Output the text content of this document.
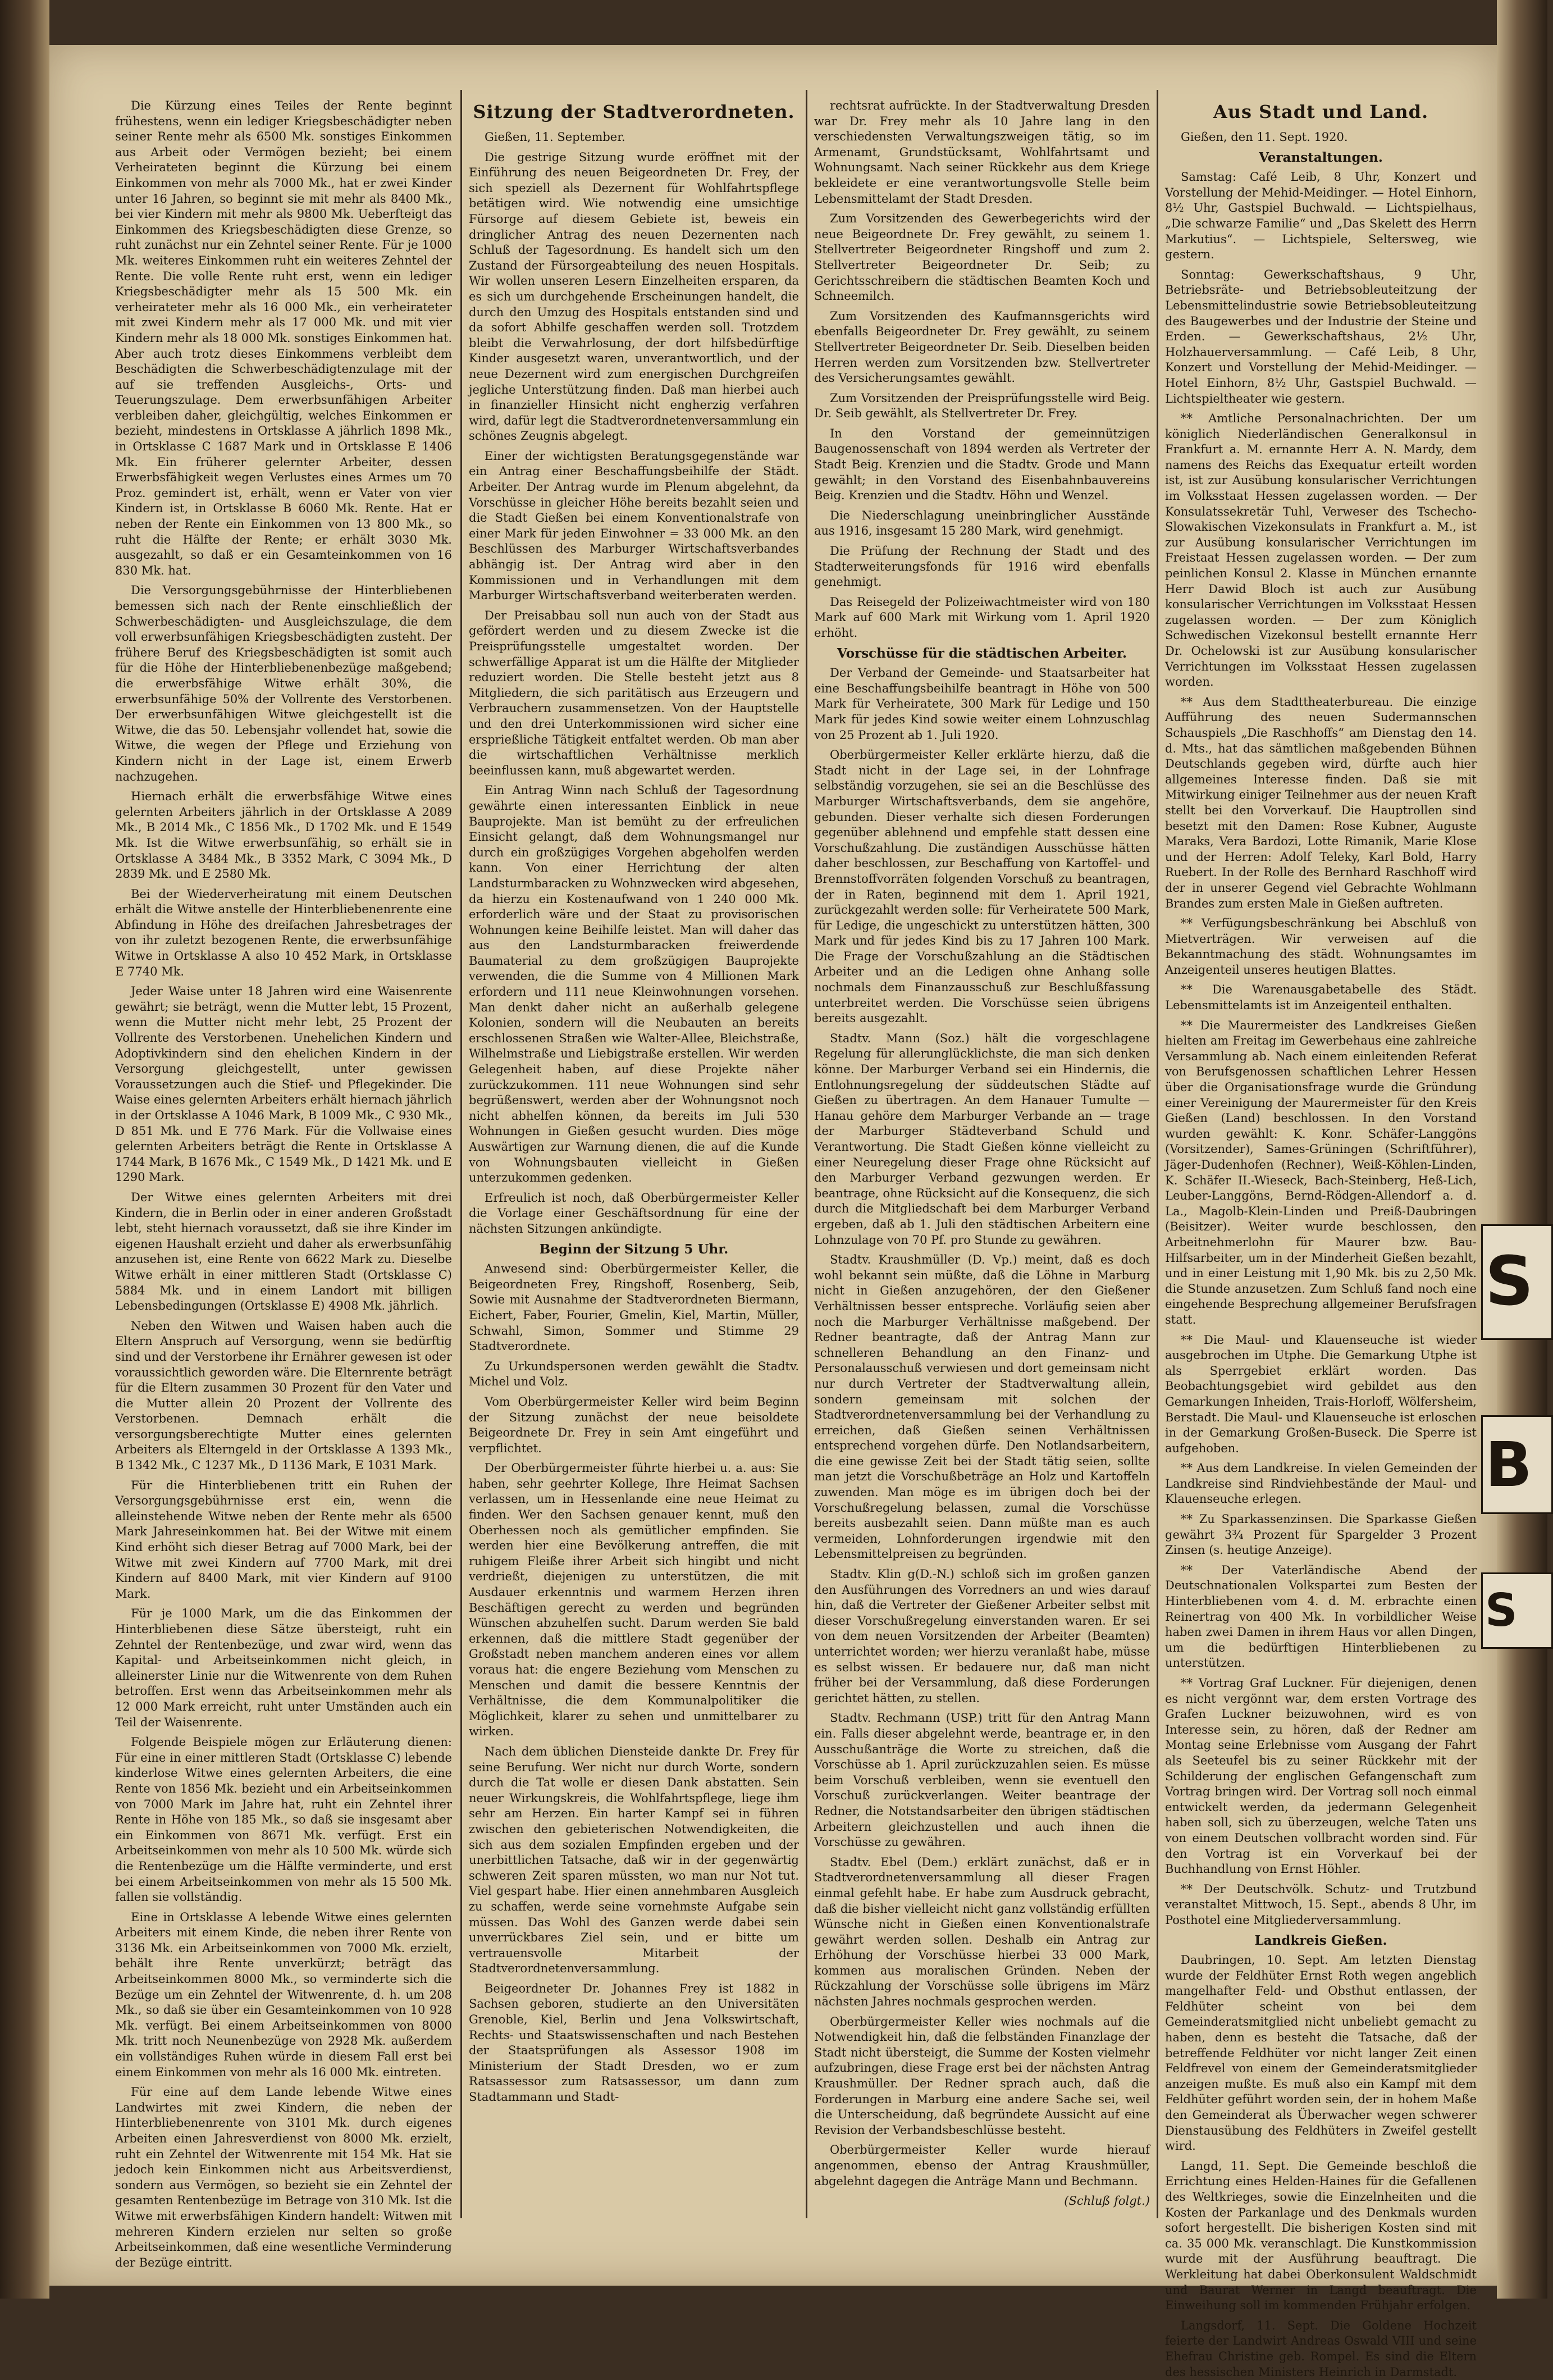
Die Kürzung eines Teiles der Rente beginnt frühestens, wenn ein lediger Kriegsbeschädigter neben seiner Rente mehr als 6500 Mk. sonstiges Einkommen aus Arbeit oder Vermögen bezieht; bei einem Verheirateten beginnt die Kürzung bei einem Einkommen von mehr als 7000 Mk., hat er zwei Kinder unter 16 Jahren, so beginnt sie mit mehr als 8400 Mk., bei vier Kindern mit mehr als 9800 Mk. Ueberfteigt das Einkommen des Kriegsbeschädigten diese Grenze, so ruht zunächst nur ein Zehntel seiner Rente. Für je 1000 Mk. weiteres Einkommen ruht ein weiteres Zehntel der Rente. Die volle Rente ruht erst, wenn ein lediger Kriegsbeschädigter mehr als 15 500 Mk. ein verheirateter mehr als 16 000 Mk., ein verheirateter mit zwei Kindern mehr als 17 000 Mk. und mit vier Kindern mehr als 18 000 Mk. sonstiges Einkommen hat. Aber auch trotz dieses Einkommens verbleibt dem Beschädigten die Schwerbeschädigtenzulage mit der auf sie treffenden Ausgleichs-, Orts- und Teuerungszulage. Dem erwerbsunfähigen Arbeiter verbleiben daher, gleichgültig, welches Einkommen er bezieht, mindestens in Ortsklasse A jährlich 1898 Mk., in Ortsklasse C 1687 Mark und in Ortsklasse E 1406 Mk. Ein früherer gelernter Arbeiter, dessen Erwerbsfähigkeit wegen Verlustes eines Armes um 70 Proz. gemindert ist, erhält, wenn er Vater von vier Kindern ist, in Ortsklasse B 6060 Mk. Rente. Hat er neben der Rente ein Einkommen von 13 800 Mk., so ruht die Hälfte der Rente; er erhält 3030 Mk. ausgezahlt, so daß er ein Gesamteinkommen von 16 830 Mk. hat.

Die Versorgungsgebührnisse der Hinterbliebenen bemessen sich nach der Rente einschließlich der Schwerbeschädigten- und Ausgleichszulage, die dem voll erwerbsunfähigen Kriegsbeschädigten zusteht. Der frühere Beruf des Kriegsbeschädigten ist somit auch für die Höhe der Hinterbliebenenbezüge maßgebend; die erwerbsfähige Witwe erhält 30%, die erwerbsunfähige 50% der Vollrente des Verstorbenen. Der erwerbsunfähigen Witwe gleichgestellt ist die Witwe, die das 50. Lebensjahr vollendet hat, sowie die Witwe, die wegen der Pflege und Erziehung von Kindern nicht in der Lage ist, einem Erwerb nachzugehen.

Hiernach erhält die erwerbsfähige Witwe eines gelernten Arbeiters jährlich in der Ortsklasse A 2089 Mk., B 2014 Mk., C 1856 Mk., D 1702 Mk. und E 1549 Mk. Ist die Witwe erwerbsunfähig, so erhält sie in Ortsklasse A 3484 Mk., B 3352 Mark, C 3094 Mk., D 2839 Mk. und E 2580 Mk.

Bei der Wiederverheiratung mit einem Deutschen erhält die Witwe anstelle der Hinterbliebenenrente eine Abfindung in Höhe des dreifachen Jahresbetrages der von ihr zuletzt bezogenen Rente, die erwerbsunfähige Witwe in Ortsklasse A also 10 452 Mark, in Ortsklasse E 7740 Mk.

Jeder Waise unter 18 Jahren wird eine Waisenrente gewährt; sie beträgt, wenn die Mutter lebt, 15 Prozent, wenn die Mutter nicht mehr lebt, 25 Prozent der Vollrente des Verstorbenen. Unehelichen Kindern und Adoptivkindern sind den ehelichen Kindern in der Versorgung gleichgestellt, unter gewissen Voraussetzungen auch die Stief- und Pflegekinder. Die Waise eines gelernten Arbeiters erhält hiernach jährlich in der Ortsklasse A 1046 Mark, B 1009 Mk., C 930 Mk., D 851 Mk. und E 776 Mark. Für die Vollwaise eines gelernten Arbeiters beträgt die Rente in Ortsklasse A 1744 Mark, B 1676 Mk., C 1549 Mk., D 1421 Mk. und E 1290 Mark.

Der Witwe eines gelernten Arbeiters mit drei Kindern, die in Berlin oder in einer anderen Großstadt lebt, steht hiernach voraussetzt, daß sie ihre Kinder im eigenen Haushalt erzieht und daher als erwerbsunfähig anzusehen ist, eine Rente von 6622 Mark zu. Dieselbe Witwe erhält in einer mittleren Stadt (Ortsklasse C) 5884 Mk. und in einem Landort mit billigen Lebensbedingungen (Ortsklasse E) 4908 Mk. jährlich.

Neben den Witwen und Waisen haben auch die Eltern Anspruch auf Versorgung, wenn sie bedürftig sind und der Verstorbene ihr Ernährer gewesen ist oder voraussichtlich geworden wäre. Die Elternrente beträgt für die Eltern zusammen 30 Prozent für den Vater und die Mutter allein 20 Prozent der Vollrente des Verstorbenen. Demnach erhält die versorgungsberechtigte Mutter eines gelernten Arbeiters als Elterngeld in der Ortsklasse A 1393 Mk., B 1342 Mk., C 1237 Mk., D 1136 Mark, E 1031 Mark.

Für die Hinterbliebenen tritt ein Ruhen der Versorgungsgebührnisse erst ein, wenn die alleinstehende Witwe neben der Rente mehr als 6500 Mark Jahreseinkommen hat. Bei der Witwe mit einem Kind erhöht sich dieser Betrag auf 7000 Mark, bei der Witwe mit zwei Kindern auf 7700 Mark, mit drei Kindern auf 8400 Mark, mit vier Kindern auf 9100 Mark.

Für je 1000 Mark, um die das Einkommen der Hinterbliebenen diese Sätze übersteigt, ruht ein Zehntel der Rentenbezüge, und zwar wird, wenn das Kapital- und Arbeitseinkommen nicht gleich, in alleinerster Linie nur die Witwenrente von dem Ruhen betroffen. Erst wenn das Arbeitseinkommen mehr als 12 000 Mark erreicht, ruht unter Umständen auch ein Teil der Waisenrente.

Folgende Beispiele mögen zur Erläuterung dienen: Für eine in einer mittleren Stadt (Ortsklasse C) lebende kinderlose Witwe eines gelernten Arbeiters, die eine Rente von 1856 Mk. bezieht und ein Arbeitseinkommen von 7000 Mark im Jahre hat, ruht ein Zehntel ihrer Rente in Höhe von 185 Mk., so daß sie insgesamt aber ein Einkommen von 8671 Mk. verfügt. Erst ein Arbeitseinkommen von mehr als 10 500 Mk. würde sich die Rentenbezüge um die Hälfte verminderte, und erst bei einem Arbeitseinkommen von mehr als 15 500 Mk. fallen sie vollständig.

Eine in Ortsklasse A lebende Witwe eines gelernten Arbeiters mit einem Kinde, die neben ihrer Rente von 3136 Mk. ein Arbeitseinkommen von 7000 Mk. erzielt, behält ihre Rente unverkürzt; beträgt das Arbeitseinkommen 8000 Mk., so verminderte sich die Bezüge um ein Zehntel der Witwenrente, d. h. um 208 Mk., so daß sie über ein Gesamteinkommen von 10 928 Mk. verfügt. Bei einem Arbeitseinkommen von 8000 Mk. tritt noch Neunenbezüge von 2928 Mk. außerdem ein vollständiges Ruhen würde in diesem Fall erst bei einem Einkommen von mehr als 16 000 Mk. eintreten.

Für eine auf dem Lande lebende Witwe eines Landwirtes mit zwei Kindern, die neben der Hinterbliebenenrente von 3101 Mk. durch eigenes Arbeiten einen Jahresverdienst von 8000 Mk. erzielt, ruht ein Zehntel der Witwenrente mit 154 Mk. Hat sie jedoch kein Einkommen nicht aus Arbeitsverdienst, sondern aus Vermögen, so bezieht sie ein Zehntel der gesamten Rentenbezüge im Betrage von 310 Mk. Ist die Witwe mit erwerbsfähigen Kindern handelt: Witwen mit mehreren Kindern erzielen nur selten so große Arbeitseinkommen, daß eine wesentliche Verminderung der Bezüge eintritt.

Sitzung der Stadtverordneten.

Gießen, 11. September.

Die gestrige Sitzung wurde eröffnet mit der Einführung des neuen Beigeordneten Dr. Frey, der sich speziell als Dezernent für Wohlfahrtspflege betätigen wird. Wie notwendig eine umsichtige Fürsorge auf diesem Gebiete ist, beweis ein dringlicher Antrag des neuen Dezernenten nach Schluß der Tagesordnung. Es handelt sich um den Zustand der Fürsorgeabteilung des neuen Hospitals. Wir wollen unseren Lesern Einzelheiten ersparen, da es sich um durchgehende Erscheinungen handelt, die durch den Umzug des Hospitals entstanden sind und da sofort Abhilfe geschaffen werden soll. Trotzdem bleibt die Verwahrlosung, der dort hilfsbedürftige Kinder ausgesetzt waren, unverantwortlich, und der neue Dezernent wird zum energischen Durchgreifen jegliche Unterstützung finden. Daß man hierbei auch in finanzieller Hinsicht nicht engherzig verfahren wird, dafür legt die Stadtverordnetenversammlung ein schönes Zeugnis abgelegt.

Einer der wichtigsten Beratungsgegenstände war ein Antrag einer Beschaffungsbeihilfe der Städt. Arbeiter. Der Antrag wurde im Plenum abgelehnt, da Vorschüsse in gleicher Höhe bereits bezahlt seien und die Stadt Gießen bei einem Konventionalstrafe von einer Mark für jeden Einwohner = 33 000 Mk. an den Beschlüssen des Marburger Wirtschaftsverbandes abhängig ist. Der Antrag wird aber in den Kommissionen und in Verhandlungen mit dem Marburger Wirtschaftsverband weiterberaten werden.

Der Preisabbau soll nun auch von der Stadt aus gefördert werden und zu diesem Zwecke ist die Preisprüfungsstelle umgestaltet worden. Der schwerfällige Apparat ist um die Hälfte der Mitglieder reduziert worden. Die Stelle besteht jetzt aus 8 Mitgliedern, die sich paritätisch aus Erzeugern und Verbrauchern zusammensetzen. Von der Hauptstelle und den drei Unterkommissionen wird sicher eine ersprießliche Tätigkeit entfaltet werden. Ob man aber die wirtschaftlichen Verhältnisse merklich beeinflussen kann, muß abgewartet werden.

Ein Antrag Winn nach Schluß der Tagesordnung gewährte einen interessanten Einblick in neue Bauprojekte. Man ist bemüht zu der erfreulichen Einsicht gelangt, daß dem Wohnungsmangel nur durch ein großzügiges Vorgehen abgeholfen werden kann. Von einer Herrichtung der alten Landsturmbaracken zu Wohnzwecken wird abgesehen, da hierzu ein Kostenaufwand von 1 240 000 Mk. erforderlich wäre und der Staat zu provisorischen Wohnungen keine Beihilfe leistet. Man will daher das aus den Landsturmbaracken freiwerdende Baumaterial zu dem großzügigen Bauprojekte verwenden, die die Summe von 4 Millionen Mark erfordern und 111 neue Kleinwohnungen vorsehen. Man denkt daher nicht an außerhalb gelegene Kolonien, sondern will die Neubauten an bereits erschlossenen Straßen wie Walter-Allee, Bleichstraße, Wilhelmstraße und Liebigstraße erstellen. Wir werden Gelegenheit haben, auf diese Projekte näher zurückzukommen. 111 neue Wohnungen sind sehr begrüßenswert, werden aber der Wohnungsnot noch nicht abhelfen können, da bereits im Juli 530 Wohnungen in Gießen gesucht wurden. Dies möge Auswärtigen zur Warnung dienen, die auf die Kunde von Wohnungsbauten vielleicht in Gießen unterzukommen gedenken.

Erfreulich ist noch, daß Oberbürgermeister Keller die Vorlage einer Geschäftsordnung für eine der nächsten Sitzungen ankündigte.

Beginn der Sitzung 5 Uhr.

Anwesend sind: Oberbürgermeister Keller, die Beigeordneten Frey, Ringshoff, Rosenberg, Seib, Sowie mit Ausnahme der Stadtverordneten Biermann, Eichert, Faber, Fourier, Gmelin, Kiel, Martin, Müller, Schwahl, Simon, Sommer und Stimme 29 Stadtverordnete.

Zu Urkundspersonen werden gewählt die Stadtv. Michel und Volz.

Vom Oberbürgermeister Keller wird beim Beginn der Sitzung zunächst der neue beisoldete Beigeordnete Dr. Frey in sein Amt eingeführt und verpflichtet.

Der Oberbürgermeister führte hierbei u. a. aus: Sie haben, sehr geehrter Kollege, Ihre Heimat Sachsen verlassen, um in Hessenlande eine neue Heimat zu finden. Wer den Sachsen genauer kennt, muß den Oberhessen noch als gemütlicher empfinden. Sie werden hier eine Bevölkerung antreffen, die mit ruhigem Fleiße ihrer Arbeit sich hingibt und nicht verdrießt, diejenigen zu unterstützen, die mit Ausdauer erkenntnis und warmem Herzen ihren Beschäftigen gerecht zu werden und begründen Wünschen abzuhelfen sucht. Darum werden Sie bald erkennen, daß die mittlere Stadt gegenüber der Großstadt neben manchem anderen eines vor allem voraus hat: die engere Beziehung vom Menschen zu Menschen und damit die bessere Kenntnis der Verhältnisse, die dem Kommunalpolitiker die Möglichkeit, klarer zu sehen und unmittelbarer zu wirken.

Nach dem üblichen Diensteide dankte Dr. Frey für seine Berufung. Wer nicht nur durch Worte, sondern durch die Tat wolle er diesen Dank abstatten. Sein neuer Wirkungskreis, die Wohlfahrtspflege, liege ihm sehr am Herzen. Ein harter Kampf sei in führen zwischen den gebieterischen Notwendigkeiten, die sich aus dem sozialen Empfinden ergeben und der unerbittlichen Tatsache, daß wir in der gegenwärtig schweren Zeit sparen müssten, wo man nur Not tut. Viel gespart habe. Hier einen annehmbaren Ausgleich zu schaffen, werde seine vornehmste Aufgabe sein müssen. Das Wohl des Ganzen werde dabei sein unverrückbares Ziel sein, und er bitte um vertrauensvolle Mitarbeit der Stadtverordnetenversammlung.

Beigeordneter Dr. Johannes Frey ist 1882 in Sachsen geboren, studierte an den Universitäten Grenoble, Kiel, Berlin und Jena Volkswirtschaft, Rechts- und Staatswissenschaften und nach Bestehen der Staatsprüfungen als Assessor 1908 im Ministerium der Stadt Dresden, wo er zum Ratsassessor zum Ratsassessor, um dann zum Stadtammann und Stadt-

rechtsrat aufrückte. In der Stadtverwaltung Dresden war Dr. Frey mehr als 10 Jahre lang in den verschiedensten Verwaltungszweigen tätig, so im Armenamt, Grundstücksamt, Wohlfahrtsamt und Wohnungsamt. Nach seiner Rückkehr aus dem Kriege bekleidete er eine verantwortungsvolle Stelle beim Lebensmittelamt der Stadt Dresden.

Zum Vorsitzenden des Gewerbegerichts wird der neue Beigeordnete Dr. Frey gewählt, zu seinem 1. Stellvertreter Beigeordneter Ringshoff und zum 2. Stellvertreter Beigeordneter Dr. Seib; zu Gerichtsschreibern die städtischen Beamten Koch und Schneemilch.

Zum Vorsitzenden des Kaufmannsgerichts wird ebenfalls Beigeordneter Dr. Frey gewählt, zu seinem Stellvertreter Beigeordneter Dr. Seib. Dieselben beiden Herren werden zum Vorsitzenden bzw. Stellvertreter des Versicherungsamtes gewählt.

Zum Vorsitzenden der Preisprüfungsstelle wird Beig. Dr. Seib gewählt, als Stellvertreter Dr. Frey.

In den Vorstand der gemeinnützigen Baugenossenschaft von 1894 werden als Vertreter der Stadt Beig. Krenzien und die Stadtv. Grode und Mann gewählt; in den Vorstand des Eisenbahnbauvereins Beig. Krenzien und die Stadtv. Höhn und Wenzel.

Die Niederschlagung uneinbringlicher Ausstände aus 1916, insgesamt 15 280 Mark, wird genehmigt.

Die Prüfung der Rechnung der Stadt und des Stadterweiterungsfonds für 1916 wird ebenfalls genehmigt.

Das Reisegeld der Polizeiwachtmeister wird von 180 Mark auf 600 Mark mit Wirkung vom 1. April 1920 erhöht.

Vorschüsse für die städtischen Arbeiter.

Der Verband der Gemeinde- und Staatsarbeiter hat eine Beschaffungsbeihilfe beantragt in Höhe von 500 Mark für Verheiratete, 300 Mark für Ledige und 150 Mark für jedes Kind sowie weiter einem Lohnzuschlag von 25 Prozent ab 1. Juli 1920.

Oberbürgermeister Keller erklärte hierzu, daß die Stadt nicht in der Lage sei, in der Lohnfrage selbständig vorzugehen, sie sei an die Beschlüsse des Marburger Wirtschaftsverbands, dem sie angehöre, gebunden. Dieser verhalte sich diesen Forderungen gegenüber ablehnend und empfehle statt dessen eine Vorschußzahlung. Die zuständigen Ausschüsse hätten daher beschlossen, zur Beschaffung von Kartoffel- und Brennstoffvorräten folgenden Vorschuß zu beantragen, der in Raten, beginnend mit dem 1. April 1921, zurückgezahlt werden solle: für Verheiratete 500 Mark, für Ledige, die ungeschickt zu unterstützen hätten, 300 Mark und für jedes Kind bis zu 17 Jahren 100 Mark. Die Frage der Vorschußzahlung an die Städtischen Arbeiter und an die Ledigen ohne Anhang solle nochmals dem Finanzausschuß zur Beschlußfassung unterbreitet werden. Die Vorschüsse seien übrigens bereits ausgezahlt.

Stadtv. Mann (Soz.) hält die vorgeschlagene Regelung für allerunglücklichste, die man sich denken könne. Der Marburger Verband sei ein Hindernis, die Entlohnungsregelung der süddeutschen Städte auf Gießen zu übertragen. An dem Hanauer Tumulte — Hanau gehöre dem Marburger Verbande an — trage der Marburger Städteverband Schuld und Verantwortung. Die Stadt Gießen könne vielleicht zu einer Neuregelung dieser Frage ohne Rücksicht auf den Marburger Verband gezwungen werden. Er beantrage, ohne Rücksicht auf die Konsequenz, die sich durch die Mitgliedschaft bei dem Marburger Verband ergeben, daß ab 1. Juli den städtischen Arbeitern eine Lohnzulage von 70 Pf. pro Stunde zu gewähren.

Stadtv. Kraushmüller (D. Vp.) meint, daß es doch wohl bekannt sein müßte, daß die Löhne in Marburg nicht in Gießen anzugehören, der den Gießener Verhältnissen besser entspreche. Vorläufig seien aber noch die Marburger Verhältnisse maßgebend. Der Redner beantragte, daß der Antrag Mann zur schnelleren Behandlung an den Finanz- und Personalausschuß verwiesen und dort gemeinsam nicht nur durch Vertreter der Stadtverwaltung allein, sondern gemeinsam mit solchen der Stadtverordnetenversammlung bei der Verhandlung zu erreichen, daß Gießen seinen Verhältnissen entsprechend vorgehen dürfe. Den Notlandsarbeitern, die eine gewisse Zeit bei der Stadt tätig seien, sollte man jetzt die Vorschußbeträge an Holz und Kartoffeln zuwenden. Man möge es im übrigen doch bei der Vorschußregelung belassen, zumal die Vorschüsse bereits ausbezahlt seien. Dann müßte man es auch vermeiden, Lohnforderungen irgendwie mit den Lebensmittelpreisen zu begründen.

Stadtv. Klin g(D.-N.) schloß sich im großen ganzen den Ausführungen des Vorredners an und wies darauf hin, daß die Vertreter der Gießener Arbeiter selbst mit dieser Vorschußregelung einverstanden waren. Er sei von dem neuen Vorsitzenden der Arbeiter (Beamten) unterrichtet worden; wer hierzu veranlaßt habe, müsse es selbst wissen. Er bedauere nur, daß man nicht früher bei der Versammlung, daß diese Forderungen gerichtet hätten, zu stellen.

Stadtv. Rechmann (USP.) tritt für den Antrag Mann ein. Falls dieser abgelehnt werde, beantrage er, in den Ausschußanträge die Worte zu streichen, daß die Vorschüsse ab 1. April zurückzuzahlen seien. Es müsse beim Vorschuß verbleiben, wenn sie eventuell den Vorschuß zurückverlangen. Weiter beantrage der Redner, die Notstandsarbeiter den übrigen städtischen Arbeitern gleichzustellen und auch ihnen die Vorschüsse zu gewähren.

Stadtv. Ebel (Dem.) erklärt zunächst, daß er in Stadtverordnetenversammlung all dieser Fragen einmal gefehlt habe. Er habe zum Ausdruck gebracht, daß die bisher vielleicht nicht ganz vollständig erfüllten Wünsche nicht in Gießen einen Konventionalstrafe gewährt werden sollen. Deshalb ein Antrag zur Erhöhung der Vorschüsse hierbei 33 000 Mark, kommen aus moralischen Gründen. Neben der Rückzahlung der Vorschüsse solle übrigens im März nächsten Jahres nochmals gesprochen werden.

Oberbürgermeister Keller wies nochmals auf die Notwendigkeit hin, daß die felbständen Finanzlage der Stadt nicht übersteigt, die Summe der Kosten vielmehr aufzubringen, diese Frage erst bei der nächsten Antrag Kraushmüller. Der Redner sprach auch, daß die Forderungen in Marburg eine andere Sache sei, weil die Unterscheidung, daß begründete Aussicht auf eine Revision der Verbandsbeschlüsse besteht.

Oberbürgermeister Keller wurde hierauf angenommen, ebenso der Antrag Kraushmüller, abgelehnt dagegen die Anträge Mann und Bechmann.

(Schluß folgt.)

Aus Stadt und Land.

Gießen, den 11. Sept. 1920.

Veranstaltungen.

Samstag: Café Leib, 8 Uhr, Konzert und Vorstellung der Mehid-Meidinger. — Hotel Einhorn, 8½ Uhr, Gastspiel Buchwald. — Lichtspielhaus, „Die schwarze Familie“ und „Das Skelett des Herrn Markutius“. — Lichtspiele, Seltersweg, wie gestern.

Sonntag: Gewerkschaftshaus, 9 Uhr, Betriebsräte- und Betriebsobleuteitzung der Lebensmittelindustrie sowie Betriebsobleuteitzung des Baugewerbes und der Industrie der Steine und Erden. — Gewerkschaftshaus, 2½ Uhr, Holzhauerversammlung. — Café Leib, 8 Uhr, Konzert und Vorstellung der Mehid-Meidinger. — Hotel Einhorn, 8½ Uhr, Gastspiel Buchwald. — Lichtspieltheater wie gestern.

** Amtliche Personalnachrichten. Der um königlich Niederländischen Generalkonsul in Frankfurt a. M. ernannte Herr A. N. Mardy, dem namens des Reichs das Exequatur erteilt worden ist, ist zur Ausübung konsularischer Verrichtungen im Volksstaat Hessen zugelassen worden. — Der Konsulatssekretär Tuhl, Verweser des Tschecho-Slowakischen Vizekonsulats in Frankfurt a. M., ist zur Ausübung konsularischer Verrichtungen im Freistaat Hessen zugelassen worden. — Der zum peinlichen Konsul 2. Klasse in München ernannte Herr Dawid Bloch ist auch zur Ausübung konsularischer Verrichtungen im Volksstaat Hessen zugelassen worden. — Der zum Königlich Schwedischen Vizekonsul bestellt ernannte Herr Dr. Ochelowski ist zur Ausübung konsularischer Verrichtungen im Volksstaat Hessen zugelassen worden.

** Aus dem Stadttheaterbureau. Die einzige Aufführung des neuen Sudermannschen Schauspiels „Die Raschhoffs“ am Dienstag den 14. d. Mts., hat das sämtlichen maßgebenden Bühnen Deutschlands gegeben wird, dürfte auch hier allgemeines Interesse finden. Daß sie mit Mitwirkung einiger Teilnehmer aus der neuen Kraft stellt bei den Vorverkauf. Die Hauptrollen sind besetzt mit den Damen: Rose Kubner, Auguste Maraks, Vera Bardozi, Lotte Rimanik, Marie Klose und der Herren: Adolf Teleky, Karl Bold, Harry Ruebert. In der Rolle des Bernhard Raschhoff wird der in unserer Gegend viel Gebrachte Wohlmann Brandes zum ersten Male in Gießen auftreten.

** Verfügungsbeschränkung bei Abschluß von Mietverträgen. Wir verweisen auf die Bekanntmachung des städt. Wohnungsamtes im Anzeigenteil unseres heutigen Blattes.

** Die Warenausgabetabelle des Städt. Lebensmittelamts ist im Anzeigenteil enthalten.

** Die Maurermeister des Landkreises Gießen hielten am Freitag im Gewerbehaus eine zahlreiche Versammlung ab. Nach einem einleitenden Referat von Berufsgenossen schaftlichen Lehrer Hessen über die Organisationsfrage wurde die Gründung einer Vereinigung der Maurermeister für den Kreis Gießen (Land) beschlossen. In den Vorstand wurden gewählt: K. Konr. Schäfer-Langgöns (Vorsitzender), Sames-Grüningen (Schriftführer), Jäger-Dudenhofen (Rechner), Weiß-Köhlen-Linden, K. Schäfer II.-Wieseck, Bach-Steinberg, Heß-Lich, Leuber-Langgöns, Bernd-Rödgen-Allendorf a. d. La., Magolb-Klein-Linden und Preiß-Daubringen (Beisitzer). Weiter wurde beschlossen, den Arbeitnehmerlohn für Maurer bzw. Bau-Hilfsarbeiter, um in der Minderheit Gießen bezahlt, und in einer Leistung mit 1,90 Mk. bis zu 2,50 Mk. die Stunde anzusetzen. Zum Schluß fand noch eine eingehende Besprechung allgemeiner Berufsfragen statt.

** Die Maul- und Klauenseuche ist wieder ausgebrochen im Utphe. Die Gemarkung Utphe ist als Sperrgebiet erklärt worden. Das Beobachtungsgebiet wird gebildet aus den Gemarkungen Inheiden, Trais-Horloff, Wölfersheim, Berstadt. Die Maul- und Klauenseuche ist erloschen in der Gemarkung Großen-Buseck. Die Sperre ist aufgehoben.

** Aus dem Landkreise. In vielen Gemeinden der Landkreise sind Rindviehbestände der Maul- und Klauenseuche erlegen.

** Zu Sparkassenzinsen. Die Sparkasse Gießen gewährt 3¾ Prozent für Spargelder 3 Prozent Zinsen (s. heutige Anzeige).

** Der Vaterländische Abend der Deutschnationalen Volkspartei zum Besten der Hinterbliebenen vom 4. d. M. erbrachte einen Reinertrag von 400 Mk. In vorbildlicher Weise haben zwei Damen in ihrem Haus vor allen Dingen, um die bedürftigen Hinterbliebenen zu unterstützen.

** Vortrag Graf Luckner. Für diejenigen, denen es nicht vergönnt war, dem ersten Vortrage des Grafen Luckner beizuwohnen, wird es von Interesse sein, zu hören, daß der Redner am Montag seine Erlebnisse vom Ausgang der Fahrt als Seeteufel bis zu seiner Rückkehr mit der Schilderung der englischen Gefangenschaft zum Vortrag bringen wird. Der Vortrag soll noch einmal entwickelt werden, da jedermann Gelegenheit haben soll, sich zu überzeugen, welche Taten uns von einem Deutschen vollbracht worden sind. Für den Vortrag ist ein Vorverkauf bei der Buchhandlung von Ernst Höhler.

** Der Deutschvölk. Schutz- und Trutzbund veranstaltet Mittwoch, 15. Sept., abends 8 Uhr, im Posthotel eine Mitgliederversammlung.

Landkreis Gießen.

Daubringen, 10. Sept. Am letzten Dienstag wurde der Feldhüter Ernst Roth wegen angeblich mangelhafter Feld- und Obsthut entlassen, der Feldhüter scheint von bei dem Gemeinderatsmitglied nicht unbeliebt gemacht zu haben, denn es besteht die Tatsache, daß der betreffende Feldhüter vor nicht langer Zeit einen Feldfrevel von einem der Gemeinderatsmitglieder anzeigen mußte. Es muß also ein Kampf mit dem Feldhüter geführt worden sein, der in hohem Maße den Gemeinderat als Überwacher wegen schwerer Dienstausübung des Feldhüters in Zweifel gestellt wird.

Langd, 11. Sept. Die Gemeinde beschloß die Errichtung eines Helden-Haines für die Gefallenen des Weltkrieges, sowie die Einzelnheiten und die Kosten der Parkanlage und des Denkmals wurden sofort hergestellt. Die bisherigen Kosten sind mit ca. 35 000 Mk. veranschlagt. Die Kunstkommission wurde mit der Ausführung beauftragt. Die Werkleitung hat dabei Oberkonsulent Waldschmidt und Baurat Werner in Langd beauftragt. Die Einweihung soll im kommenden Frühjahr erfolgen.

Langsdorf, 11. Sept. Die Goldene Hochzeit feierte der Landwirt Andreas Oswald VIII und seine Ehefrau Christine geb. Rompel. Es sind die Eltern des hessischen Ministers Heinrich in Darmstadt.

S
B
S
